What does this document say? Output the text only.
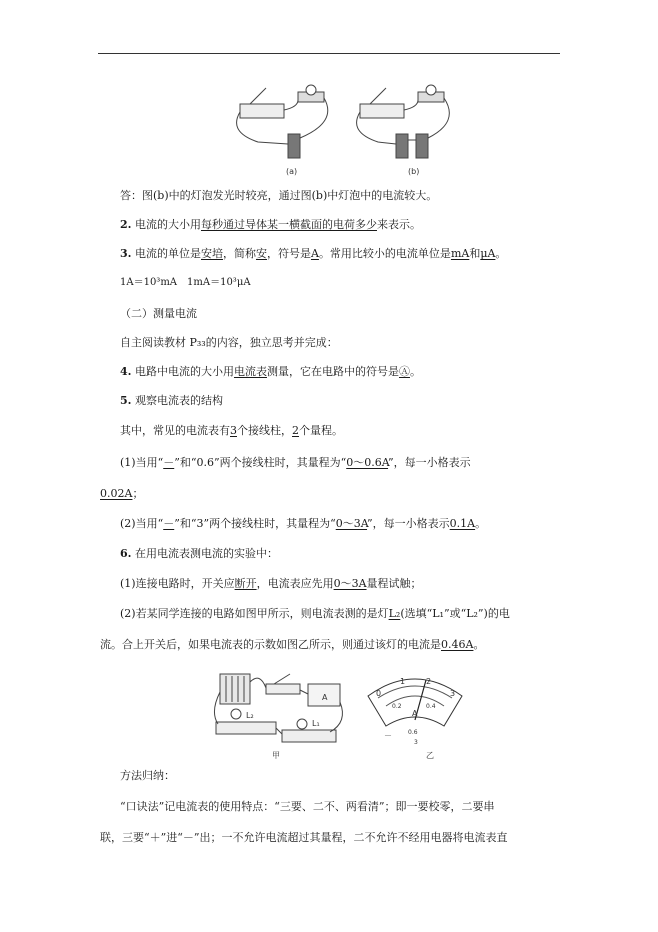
(a)	(b)
答：图(b)中的灯泡发光时较亮，通过图(b)中灯泡中的电流较大。
2. 电流的大小用每秒通过导体某一横截面的电荷多少来表示。
3. 电流的单位是安培，简称安，符号是A。常用比较小的电流单位是mA和μA。
1A＝10³mA　1mA＝10³μA
（二）测量电流
自主阅读教材 P₃₃的内容，独立思考并完成：
4. 电路中电流的大小用电流表测量，它在电路中的符号是Ⓐ。
5. 观察电流表的结构
其中，常见的电流表有3个接线柱，2个量程。
(1)当用“－”和“0.6”两个接线柱时，其量程为“0～0.6A”，每一小格表示
0.02A；
(2)当用“－”和“3”两个接线柱时，其量程为“0～3A”，每一小格表示0.1A。
6. 在用电流表测电流的实验中：
(1)连接电路时，开关应断开，电流表应先用0～3A量程试触；
(2)若某同学连接的电路如图甲所示，则电流表测的是灯L₂(选填“L₁”或“L₂”)的电
流。合上开关后，如果电流表的示数如图乙所示，则通过该灯的电流是0.46A。
A
L₂
L₁
甲
0
1	2
3
0.2	0.4
A
－	0.6
3
乙
方法归纳：
“口诀法”记电流表的使用特点：“三要、二不、两看清”；即一要校零，二要串
联，三要“＋”进“－”出；一不允许电流超过其量程，二不允许不经用电器将电流表直
